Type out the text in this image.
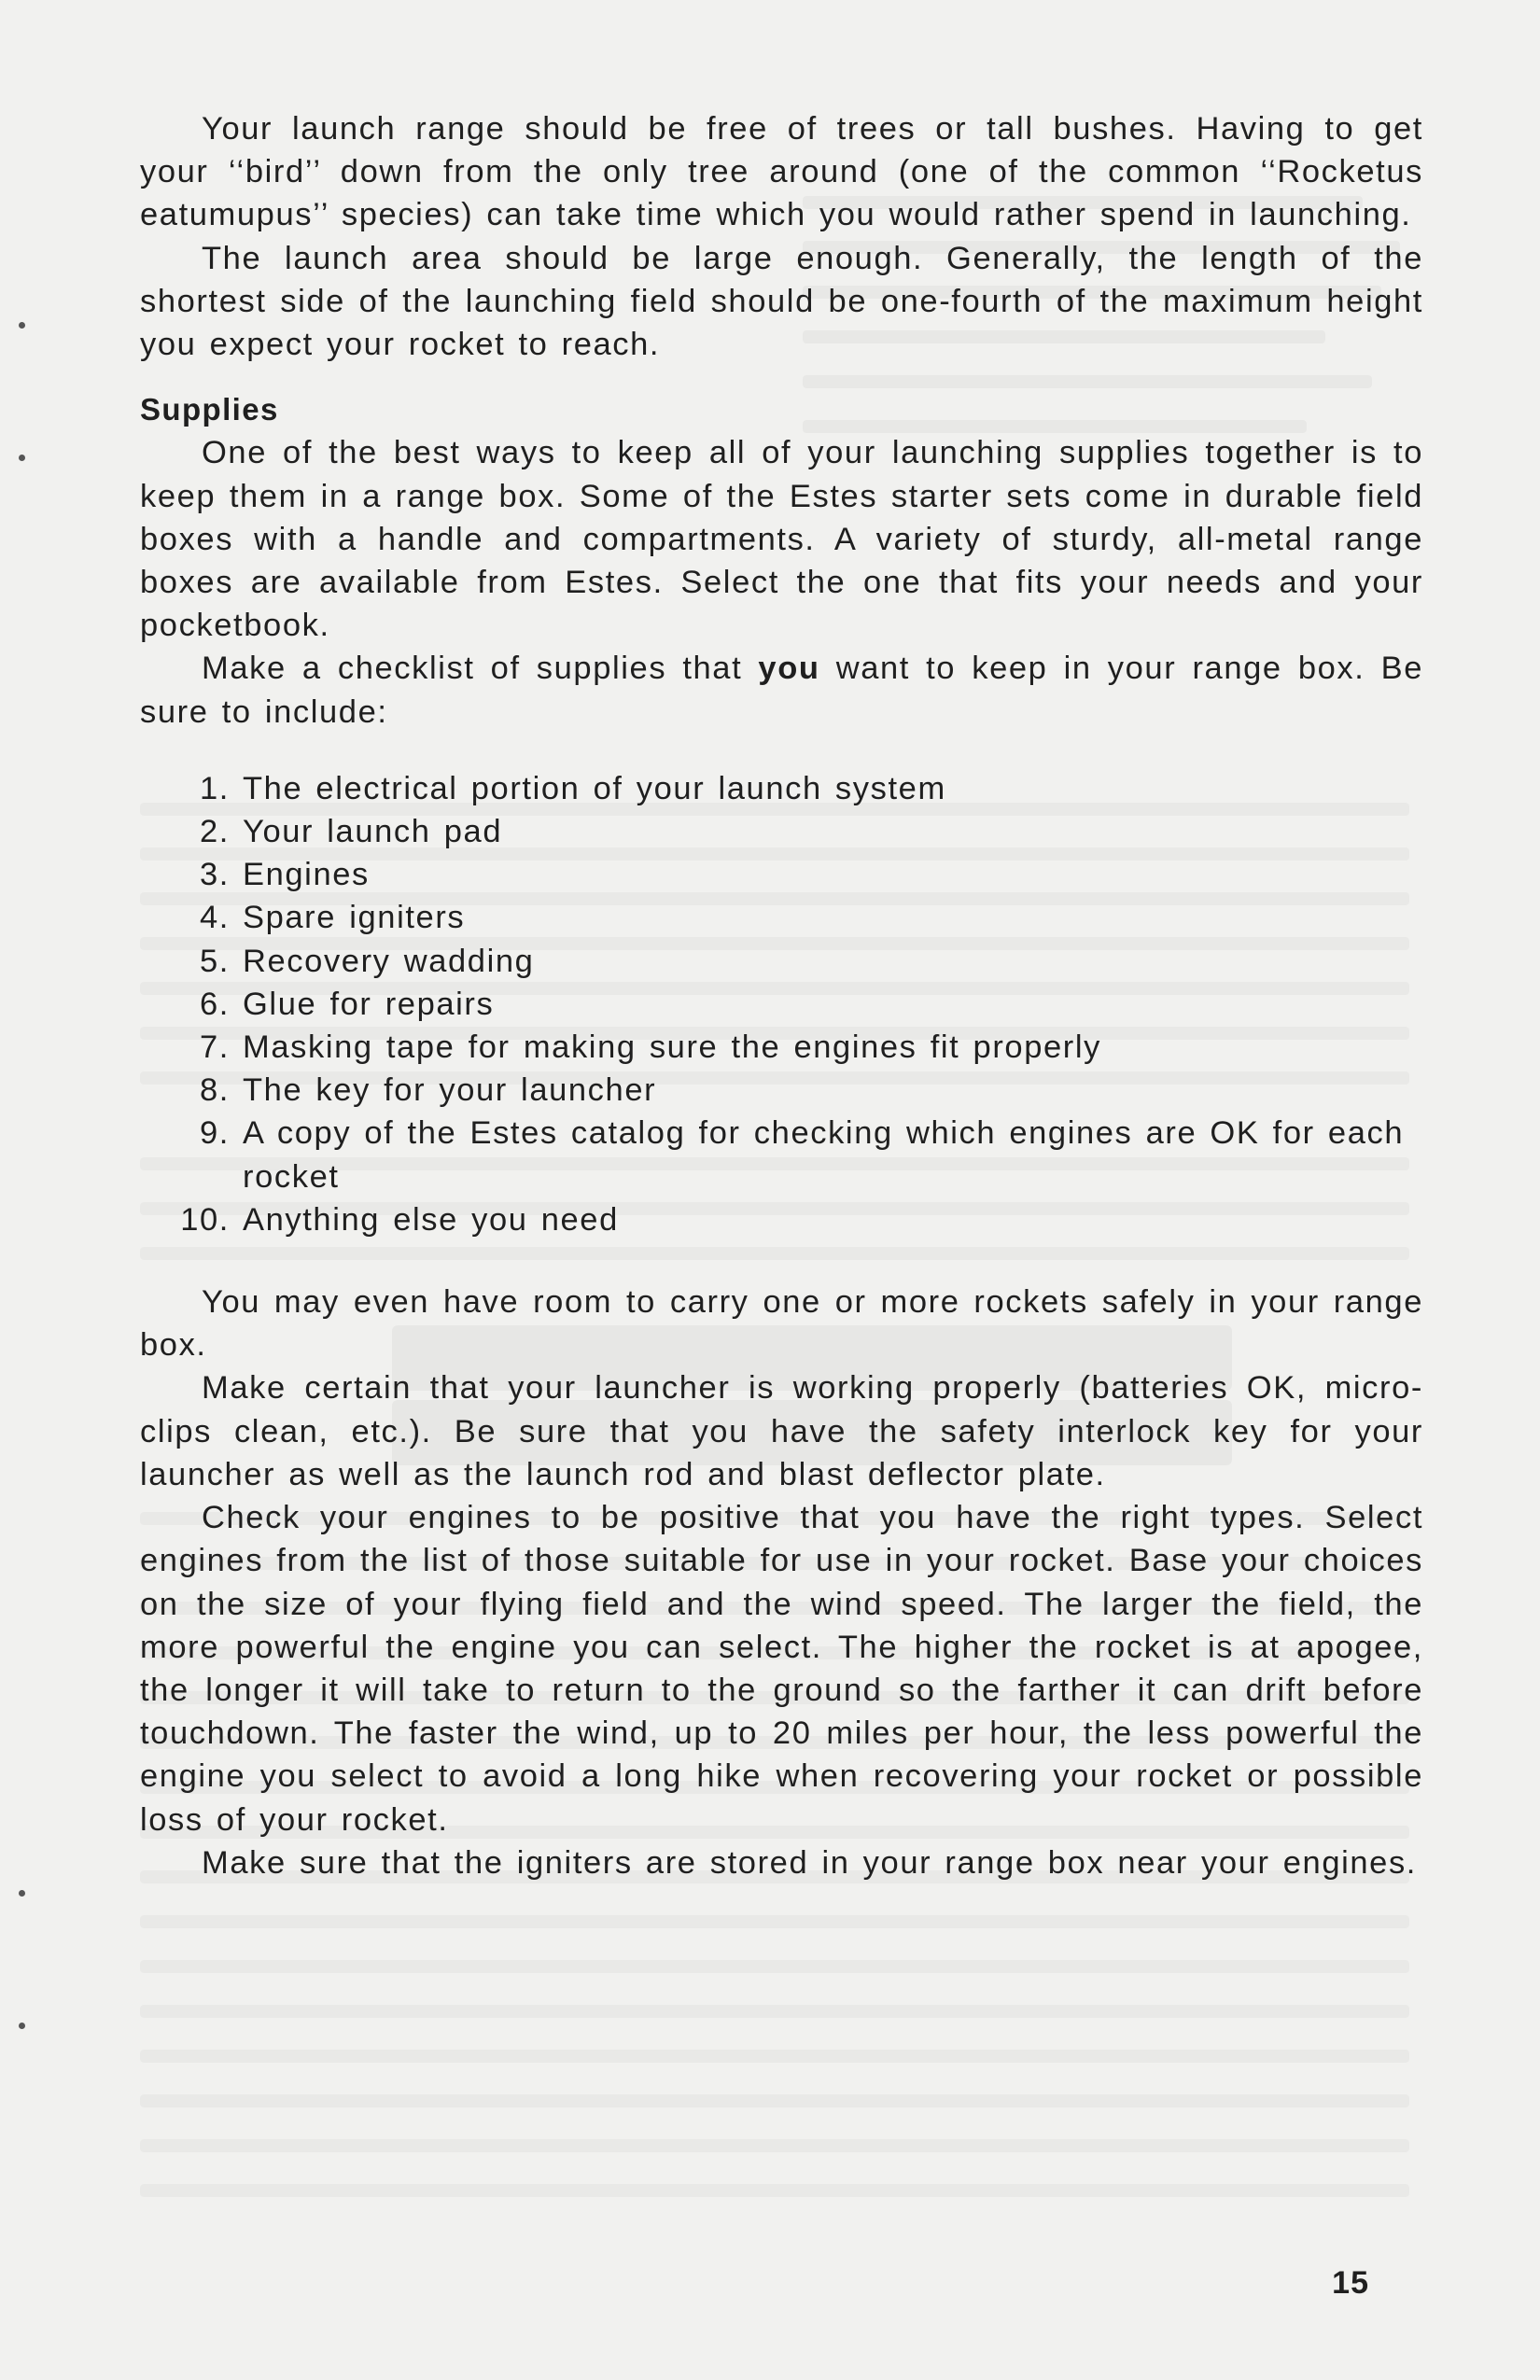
Your launch range should be free of trees or tall bushes. Having to get your ‘‘bird’’ down from the only tree around (one of the common ‘‘Rocketus eatumupus’’ species) can take time which you would rather spend in launching.

The launch area should be large enough. Generally, the length of the shortest side of the launching field should be one-fourth of the maximum height you expect your rocket to reach.

Supplies

One of the best ways to keep all of your launching supplies together is to keep them in a range box. Some of the Estes starter sets come in durable field boxes with a handle and compartments. A variety of sturdy, all-metal range boxes are available from Estes. Select the one that fits your needs and your pocketbook.

Make a checklist of supplies that you want to keep in your range box. Be sure to include:

1. The electrical portion of your launch system
2. Your launch pad
3. Engines
4. Spare igniters
5. Recovery wadding
6. Glue for repairs
7. Masking tape for making sure the engines fit properly
8. The key for your launcher
9. A copy of the Estes catalog for checking which engines are OK for each rocket
10. Anything else you need

You may even have room to carry one or more rockets safely in your range box.

Make certain that your launcher is working properly (batteries OK, micro-clips clean, etc.). Be sure that you have the safety interlock key for your launcher as well as the launch rod and blast deflector plate.

Check your engines to be positive that you have the right types. Select engines from the list of those suitable for use in your rocket. Base your choices on the size of your flying field and the wind speed. The larger the field, the more powerful the engine you can select. The higher the rocket is at apogee, the longer it will take to return to the ground so the farther it can drift before touchdown. The faster the wind, up to 20 miles per hour, the less powerful the engine you select to avoid a long hike when recovering your rocket or possible loss of your rocket.

Make sure that the igniters are stored in your range box near your engines.

15
